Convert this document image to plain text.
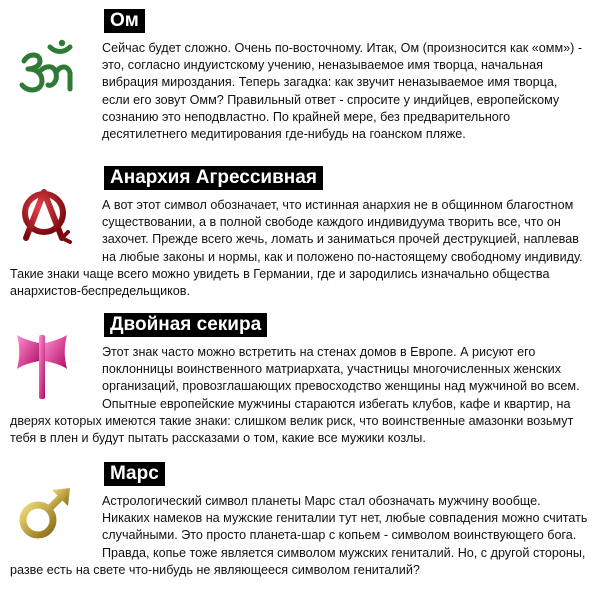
Ом
Сейчас будет сложно. Очень по-восточному. Итак, Ом (произносится как «омм») - это, согласно индуистскому учению, неназываемое имя творца, начальная вибрация мироздания. Теперь загадка: как звучит неназываемое имя творца, если его зовут Омм? Правильный ответ - спросите у индийцев, европейскому сознанию это неподвластно. По крайней мере, без предварительного десятилетнего медитирования где-нибудь на гоанском пляже.
Анархия Агрессивная
А вот этот символ обозначает, что истинная анархия не в общинном благостном существовании, а в полной свободе каждого индивидуума творить все, что он захочет. Прежде всего жечь, ломать и заниматься прочей деструкцией, наплевав на любые законы и нормы, как и положено по-настоящему свободному индивиду. Такие знаки чаще всего можно увидеть в Германии, где и зародились изначально общества анархистов-беспредельщиков.
Двойная секира
Этот знак часто можно встретить на стенах домов в Европе. А рисуют его поклонницы воинственного матриархата, участницы многочисленных женских организаций, провозглашающих превосходство женщины над мужчиной во всем. Опытные европейские мужчины стараются избегать клубов, кафе и квартир, на дверях которых имеются такие знаки: слишком велик риск, что воинственные амазонки возьмут тебя в плен и будут пытать рассказами о том, какие все мужики козлы.
Марс
Астрологический символ планеты Марс стал обозначать мужчину вообще. Никаких намеков на мужские гениталии тут нет, любые совпадения можно считать случайными. Это просто планета-шар с копьем - символом воинствующего бога. Правда, копье тоже является символом мужских гениталий. Но, с другой стороны, разве есть на свете что-нибудь не являющееся символом гениталий?
